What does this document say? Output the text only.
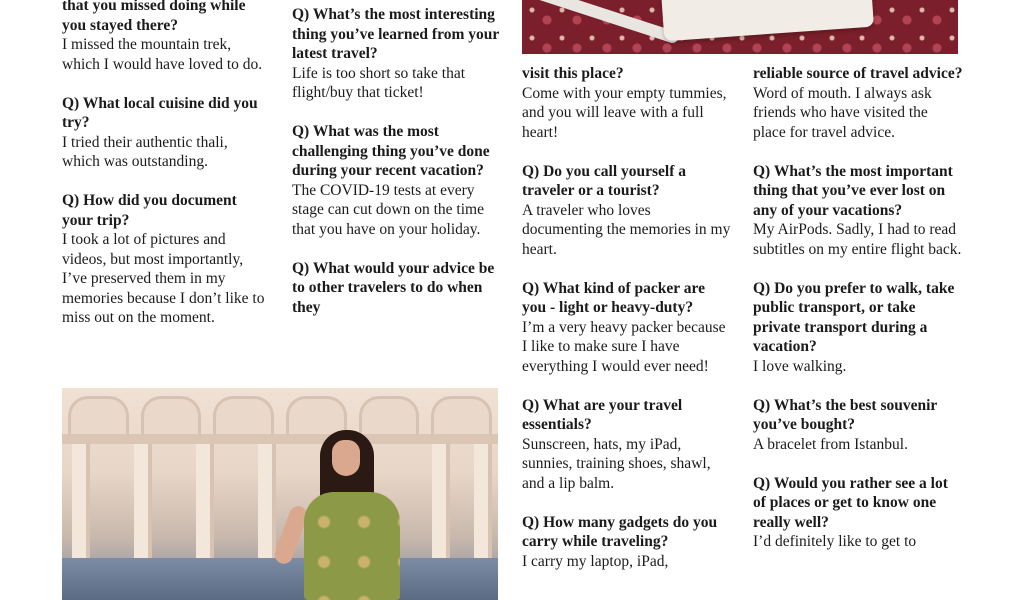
that you missed doing while you stayed there?
I missed the mountain trek, which I would have loved to do.

Q) What local cuisine did you try?
I tried their authentic thali, which was outstanding.

Q) How did you document your trip?
I took a lot of pictures and videos, but most importantly, I’ve preserved them in my memories because I don’t like to miss out on the moment.

Q) What’s the most interesting thing you’ve learned from your latest travel?
Life is too short so take that flight/buy that ticket!

Q) What was the most challenging thing you’ve done during your recent vacation?
The COVID-19 tests at every stage can cut down on the time that you have on your holiday.

Q) What would your advice be to other travelers to do when they

visit this place?
Come with your empty tummies, and you will leave with a full heart!

Q) Do you call yourself a traveler or a tourist?
A traveler who loves documenting the memories in my heart.

Q) What kind of packer are you - light or heavy-duty?
I’m a very heavy packer because I like to make sure I have everything I would ever need!

Q) What are your travel essentials?
Sunscreen, hats, my iPad, sunnies, training shoes, shawl, and a lip balm.

Q) How many gadgets do you carry while traveling?
I carry my laptop, iPad,

reliable source of travel advice?
Word of mouth. I always ask friends who have visited the place for travel advice.

Q) What’s the most important thing that you’ve ever lost on any of your vacations?
My AirPods. Sadly, I had to read subtitles on my entire flight back.

Q) Do you prefer to walk, take public transport, or take private transport during a vacation?
I love walking.

Q) What’s the best souvenir you’ve bought?
A bracelet from Istanbul.

Q) Would you rather see a lot of places or get to know one really well?
I’d definitely like to get to
